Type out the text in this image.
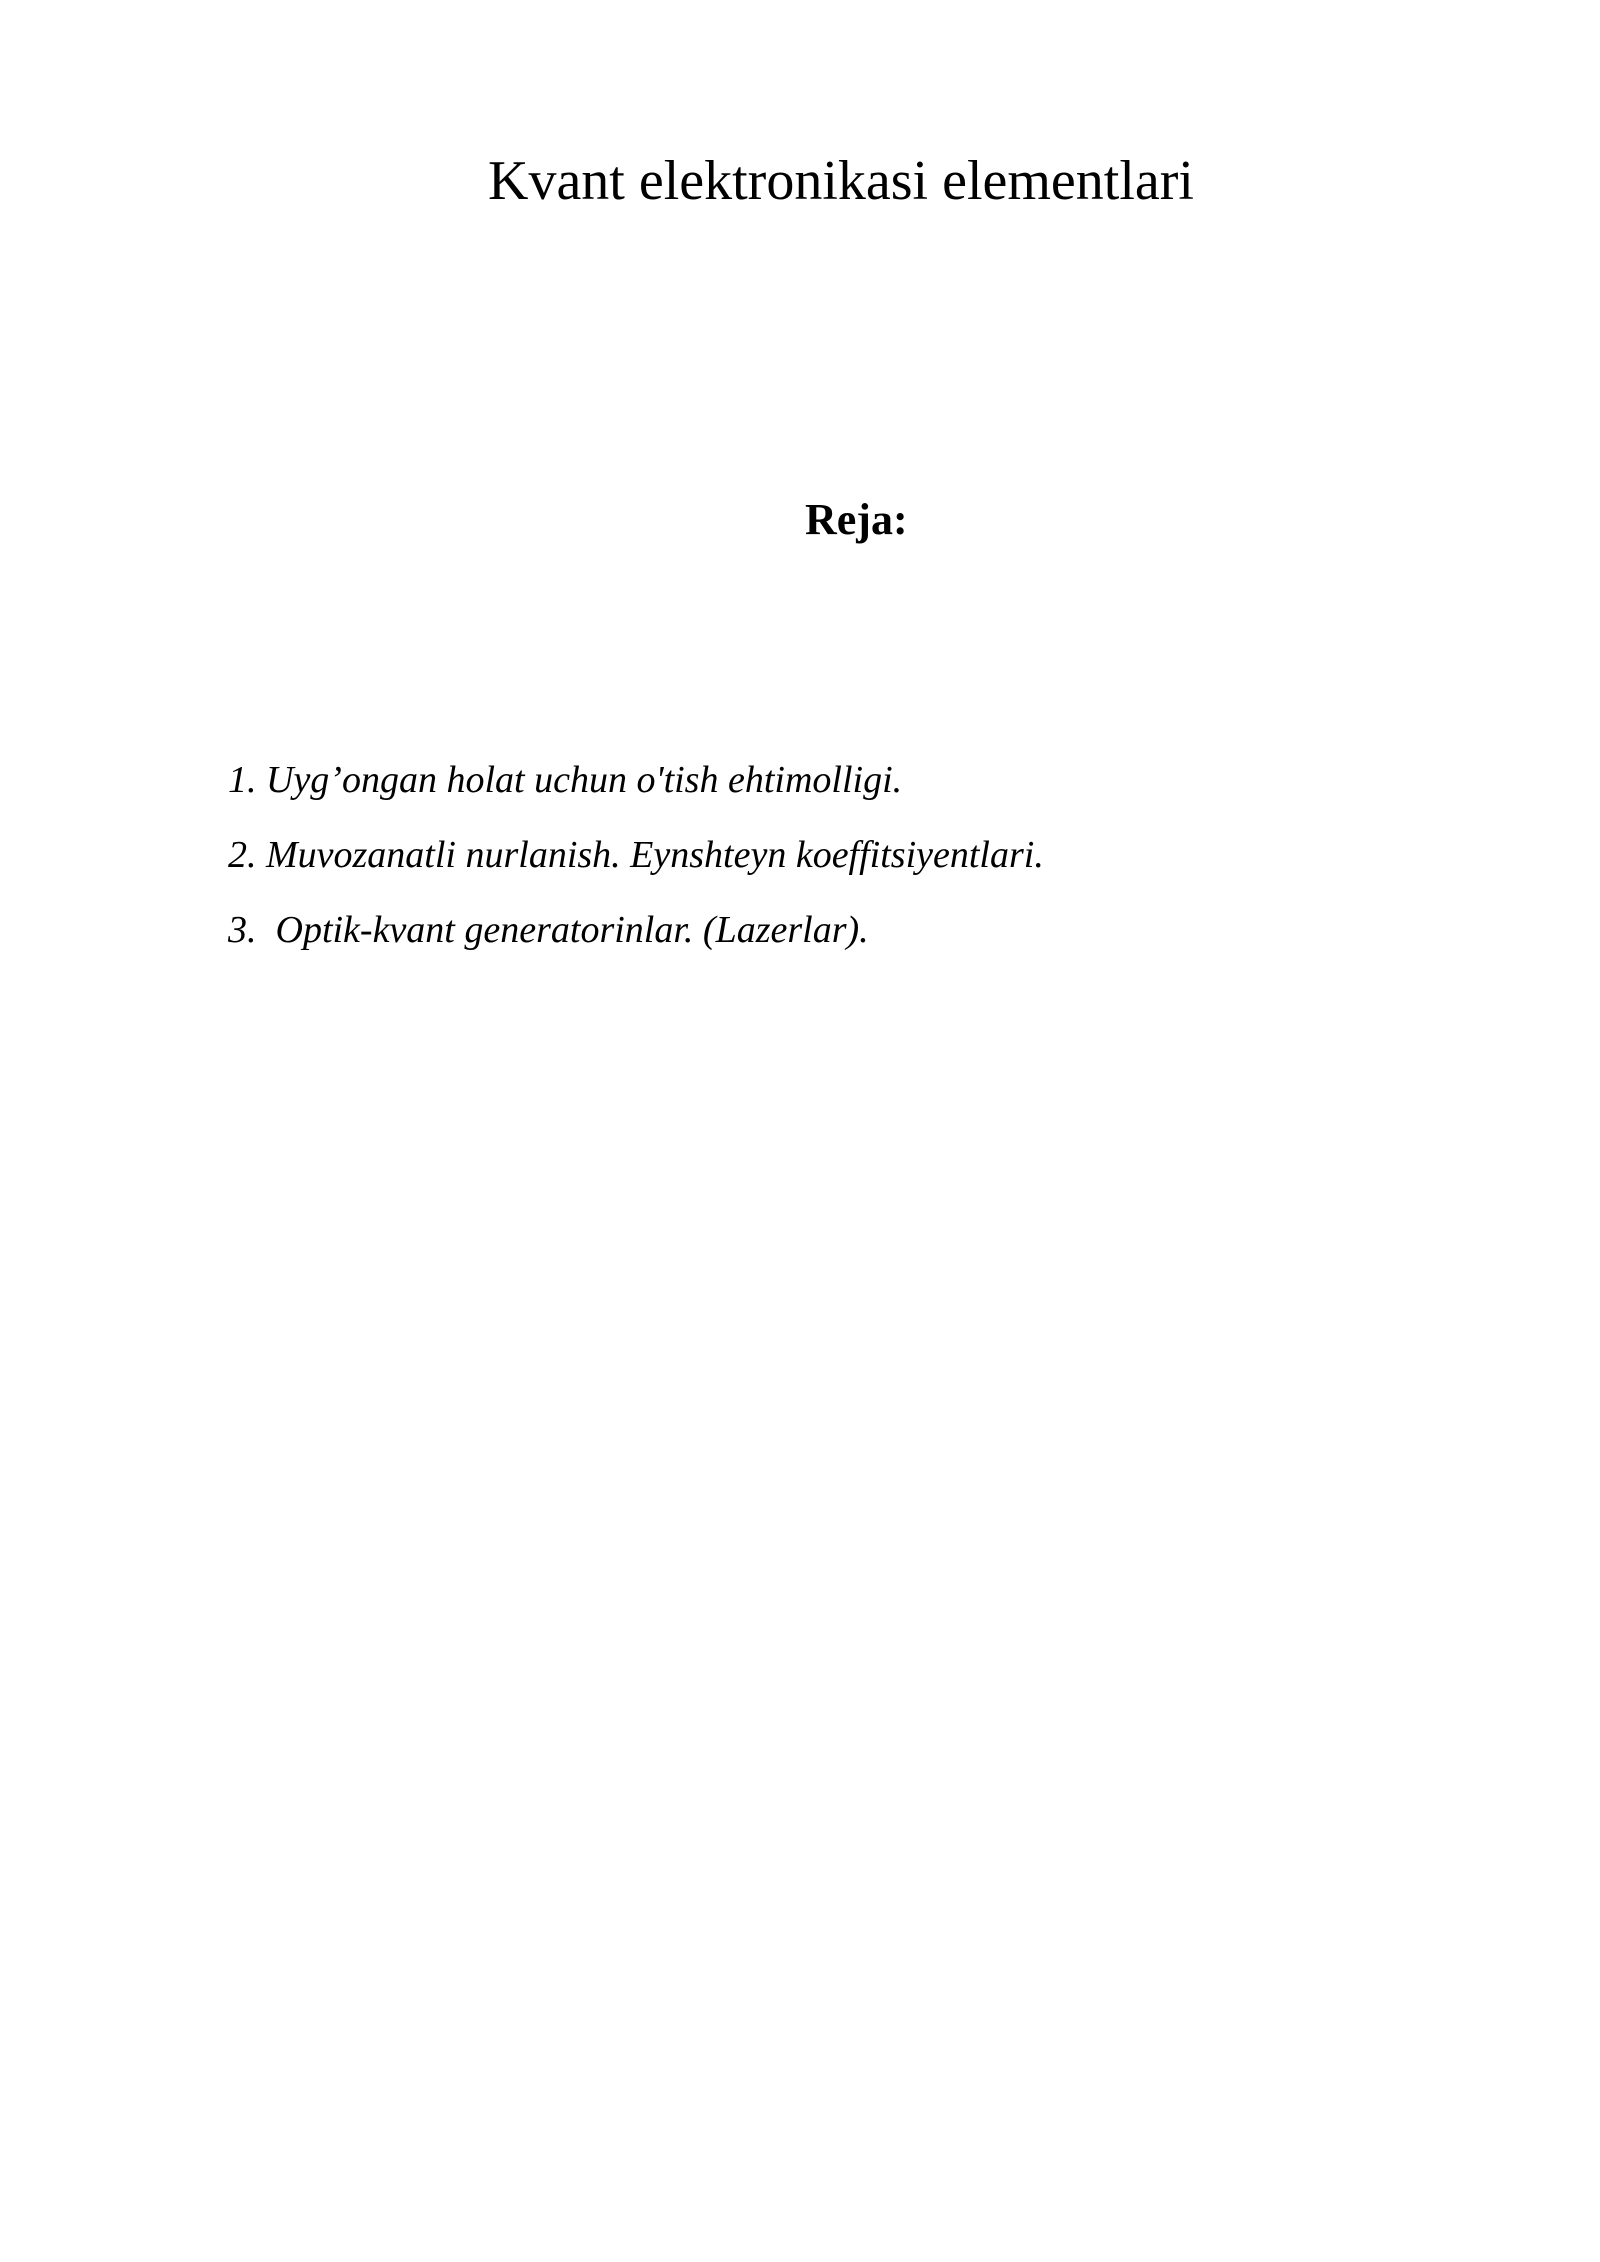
Kvant elektronikasi elementlari
Reja:
1. Uyg’ongan holat uchun o'tish ehtimolligi.
2. Muvozanatli nurlanish. Eynshteyn koeffitsiyentlari.
3.  Optik-kvant generatorinlar. (Lazerlar).
